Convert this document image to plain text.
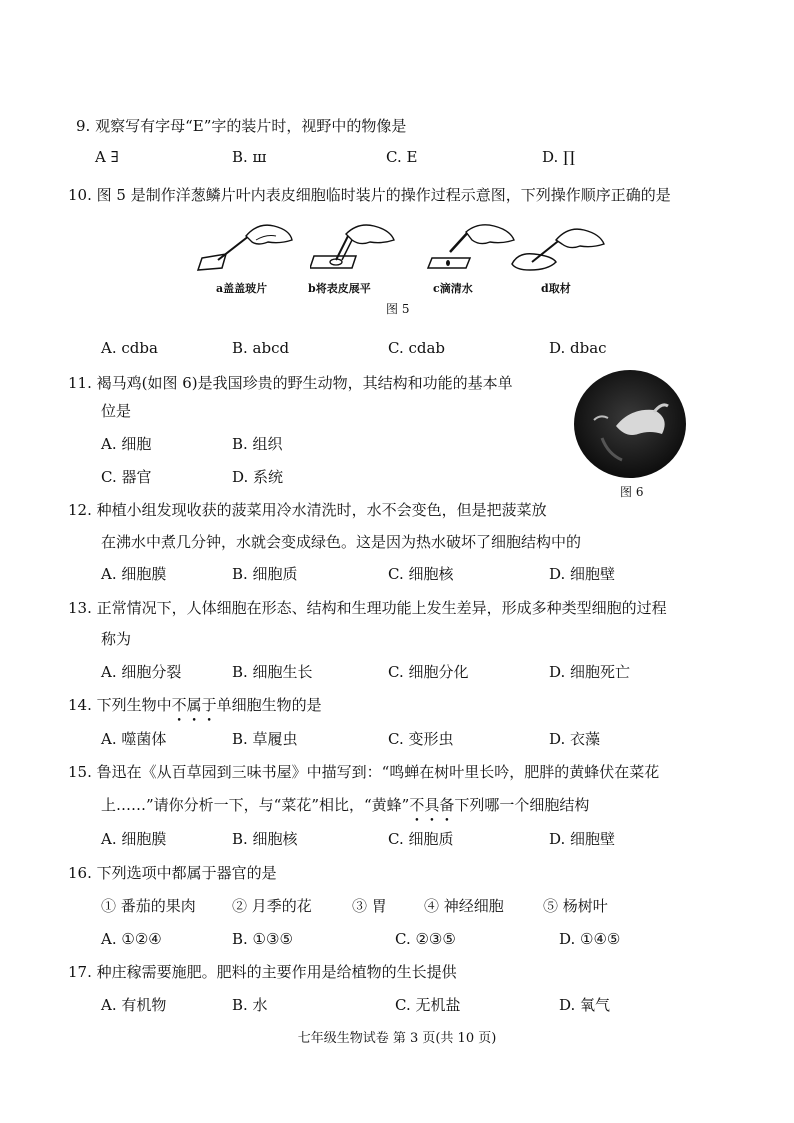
9. 观察写有字母“E”字的装片时，视野中的物像是
A ∃	B. ш	C. E	D. ∏
10. 图 5 是制作洋葱鳞片叶内表皮细胞临时装片的操作过程示意图，下列操作顺序正确的是
a盖盖玻片	b将表皮展平	c滴清水	d取材
图 5
A. cdba	B. abcd	C. cdab	D. dbac
11. 褐马鸡(如图 6)是我国珍贵的野生动物，其结构和功能的基本单
位是
A. 细胞	B. 组织
C. 器官	D. 系统
图 6
12. 种植小组发现收获的菠菜用冷水清洗时，水不会变色，但是把菠菜放
在沸水中煮几分钟，水就会变成绿色。这是因为热水破坏了细胞结构中的
A. 细胞膜	B. 细胞质	C. 细胞核	D. 细胞壁
13. 正常情况下，人体细胞在形态、结构和生理功能上发生差异，形成多种类型细胞的过程
称为
A. 细胞分裂	B. 细胞生长	C. 细胞分化	D. 细胞死亡
14. 下列生物中不属于单细胞生物的是
A. 噬菌体	B. 草履虫	C. 变形虫	D. 衣藻
15. 鲁迅在《从百草园到三味书屋》中描写到：“鸣蝉在树叶里长吟，肥胖的黄蜂伏在菜花
上……”请你分析一下，与“菜花”相比，“黄蜂”不具备下列哪一个细胞结构
A. 细胞膜	B. 细胞核	C. 细胞质	D. 细胞壁
16. 下列选项中都属于器官的是
① 番茄的果肉 ② 月季的花	③ 胃 ④ 神经细胞	⑤ 杨树叶
A. ①②④	B. ①③⑤	C. ②③⑤	D. ①④⑤
17. 种庄稼需要施肥。肥料的主要作用是给植物的生长提供
A. 有机物	B. 水	C. 无机盐	D. 氧气
七年级生物试卷 第 3 页(共 10 页)
